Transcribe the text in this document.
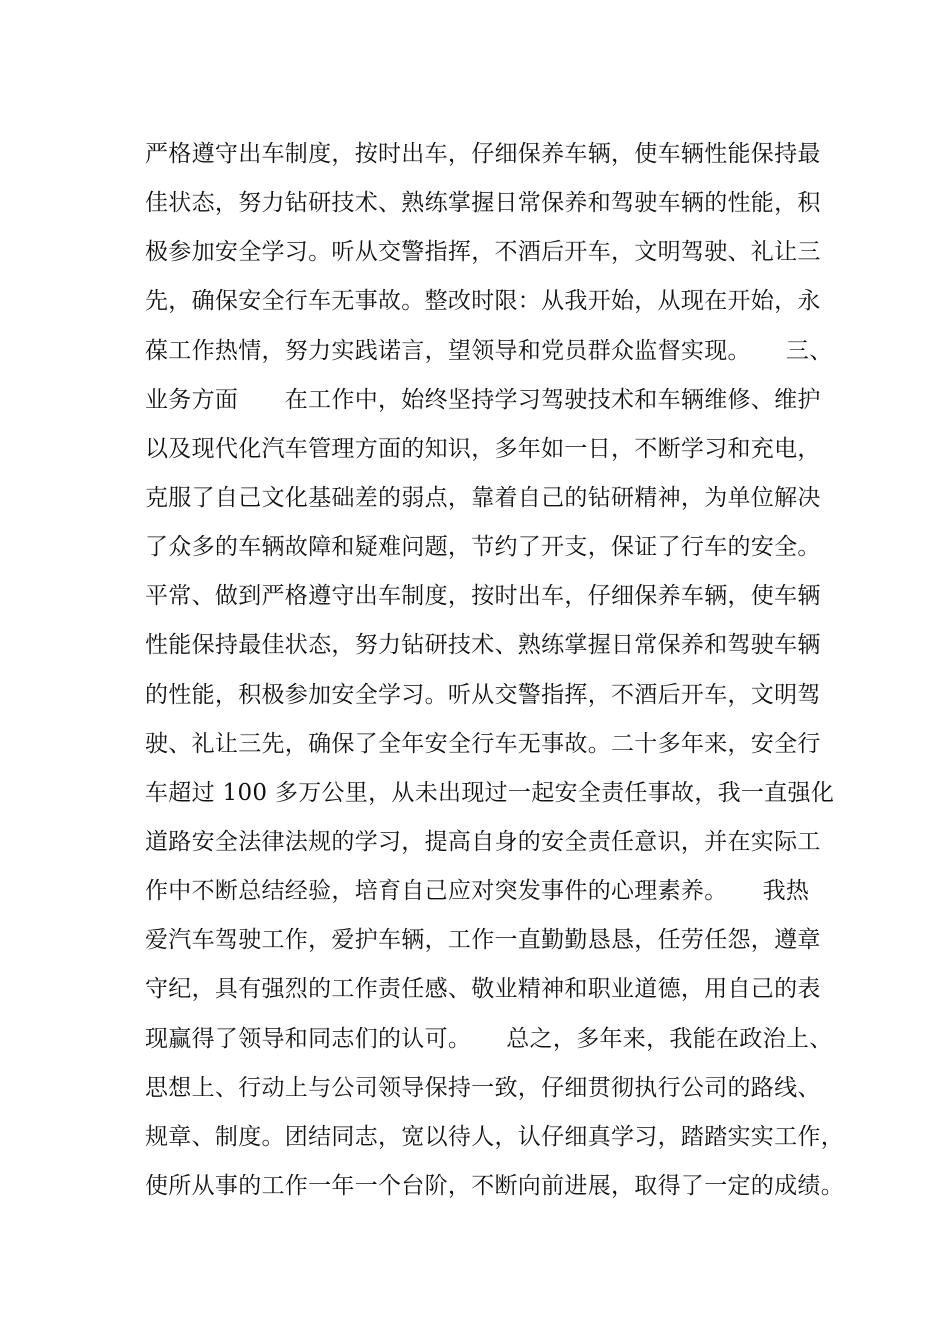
严格遵守出车制度，按时出车，仔细保养车辆，使车辆性能保持最
佳状态，努力钻研技术、熟练掌握日常保养和驾驶车辆的性能，积
极参加安全学习。听从交警指挥，不酒后开车，文明驾驶、礼让三
先，确保安全行车无事故。整改时限：从我开始，从现在开始，永
葆工作热情，努力实践诺言，望领导和党员群众监督实现。　　三、
业务方面　　在工作中，始终坚持学习驾驶技术和车辆维修、维护
以及现代化汽车管理方面的知识，多年如一日，不断学习和充电，
克服了自己文化基础差的弱点，靠着自己的钻研精神，为单位解决
了众多的车辆故障和疑难问题，节约了开支，保证了行车的安全。
平常、做到严格遵守出车制度，按时出车，仔细保养车辆，使车辆
性能保持最佳状态，努力钻研技术、熟练掌握日常保养和驾驶车辆
的性能，积极参加安全学习。听从交警指挥，不酒后开车，文明驾
驶、礼让三先，确保了全年安全行车无事故。二十多年来，安全行
车超过 100 多万公里，从未出现过一起安全责任事故，我一直强化
道路安全法律法规的学习，提高自身的安全责任意识，并在实际工
作中不断总结经验，培育自己应对突发事件的心理素养。　　我热
爱汽车驾驶工作，爱护车辆，工作一直勤勤恳恳，任劳任怨，遵章
守纪，具有强烈的工作责任感、敬业精神和职业道德，用自己的表
现赢得了领导和同志们的认可。　　总之，多年来，我能在政治上、
思想上、行动上与公司领导保持一致，仔细贯彻执行公司的路线、
规章、制度。团结同志，宽以待人，认仔细真学习，踏踏实实工作，
使所从事的工作一年一个台阶，不断向前进展，取得了一定的成绩。
